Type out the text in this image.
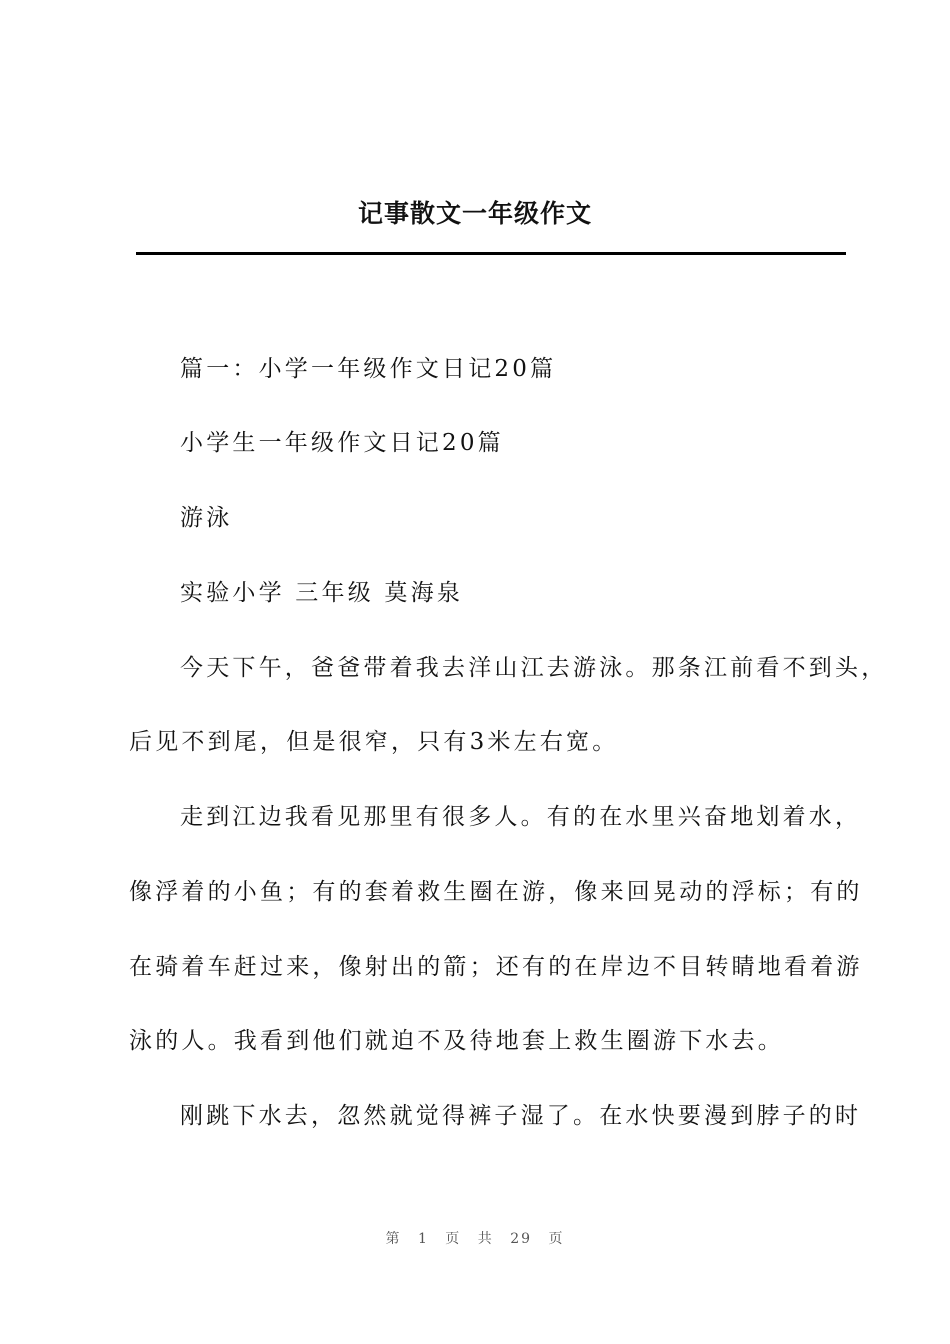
记事散文一年级作文
篇一：小学一年级作文日记20篇
小学生一年级作文日记20篇
游泳
实验小学 三年级 莫海泉
今天下午，爸爸带着我去洋山江去游泳。那条江前看不到头，
后见不到尾，但是很窄，只有3米左右宽。
走到江边我看见那里有很多人。有的在水里兴奋地划着水，
像浮着的小鱼；有的套着救生圈在游，像来回晃动的浮标；有的
在骑着车赶过来，像射出的箭；还有的在岸边不目转睛地看着游
泳的人。我看到他们就迫不及待地套上救生圈游下水去。
刚跳下水去，忽然就觉得裤子湿了。在水快要漫到脖子的时
第 1 页 共 29 页
